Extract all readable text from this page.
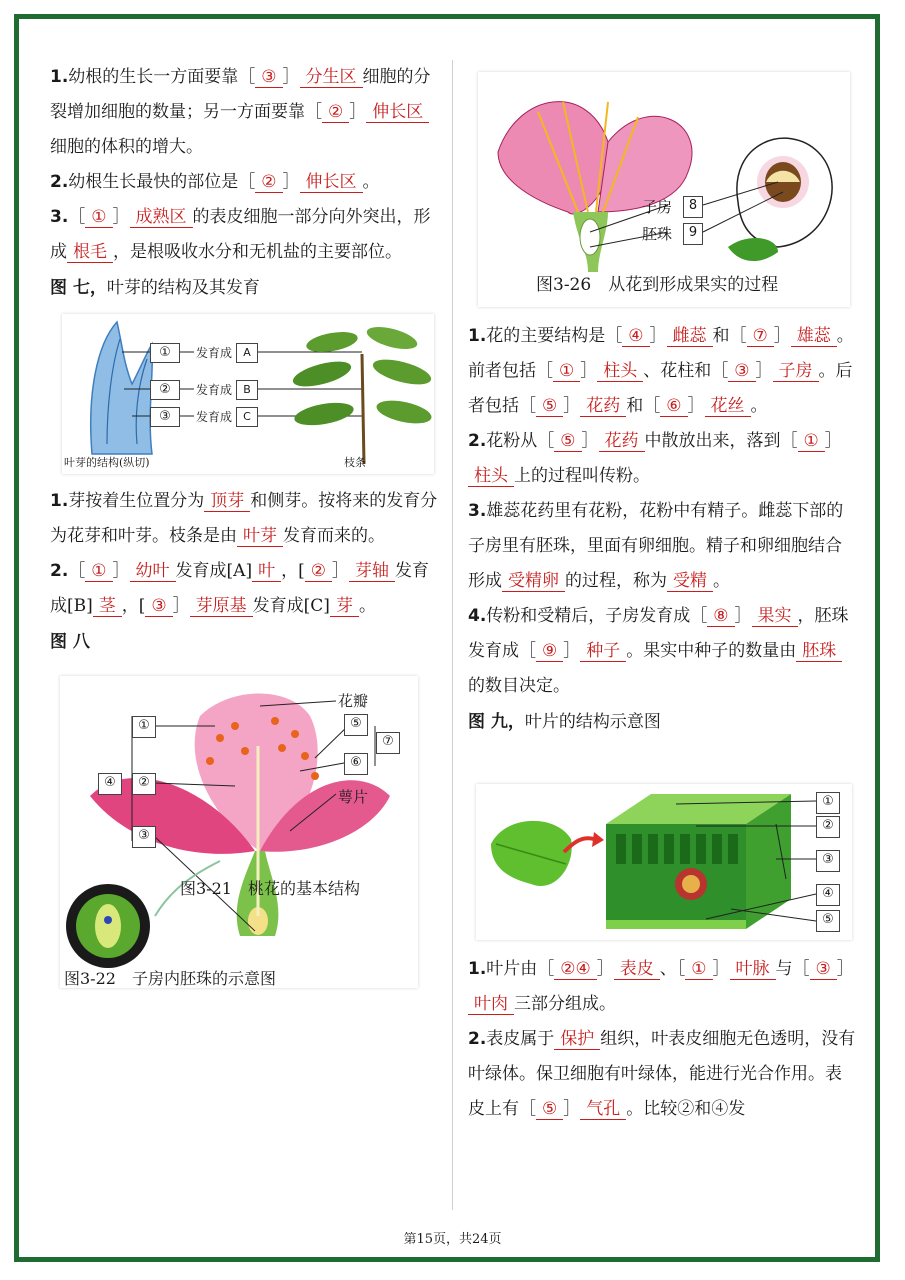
1.幼根的生长一方面要靠［ ③ ］ 分生区 细胞的分裂增加细胞的数量；另一方面要靠［ ② ］ 伸长区细胞的体积的增大。

2.幼根生长最快的部位是［ ② ］ 伸长区 。

3.［ ① ］ 成熟区 的表皮细胞一部分向外突出，形成 根毛 ，是根吸收水分和无机盐的主要部位。

图 七，叶芽的结构及其发育
①
②
③
发育成
发育成
发育成
A
B
C
叶芽的结构(纵切)	枝条

1.芽按着生位置分为 顶芽 和侧芽。按将来的发育分为花芽和叶芽。枝条是由 叶芽 发育而来的。

2.［ ① ］ 幼叶 发育成[A] 叶 ，[ ② ］ 芽轴 发育成[B] 茎 ，[ ③ ］ 芽原基 发育成[C] 芽 。

图 八
花瓣
萼片
①
②
③
④
⑤
⑥
⑦
图3-21　桃花的基本结构
图3-22　子房内胚珠的示意图
子房
胚珠
8
9
图3-26　从花到形成果实的过程

1.花的主要结构是［ ④ ］ 雌蕊 和［ ⑦ ］ 雄蕊 。前者包括［ ① ］ 柱头 、花柱和［ ③ ］ 子房 。后者包括［ ⑤ ］ 花药 和［ ⑥ ］ 花丝 。

2.花粉从［ ⑤ ］ 花药 中散放出来，落到［ ① ］柱头 上的过程叫传粉。

3.雄蕊花药里有花粉，花粉中有精子。雌蕊下部的子房里有胚珠，里面有卵细胞。精子和卵细胞结合形成 受精卵 的过程，称为 受精 。

4.传粉和受精后，子房发育成［ ⑧ ］ 果实 ，胚珠发育成［ ⑨ ］ 种子 。果实中种子的数量由 胚珠的数目决定。

图 九，叶片的结构示意图
①
②
③
④
⑤

1.叶片由［ ②④ ］ 表皮 、［ ① ］ 叶脉 与［ ③ ］叶肉 三部分组成。

2.表皮属于 保护 组织，叶表皮细胞无色透明，没有叶绿体。保卫细胞有叶绿体，能进行光合作用。表皮上有［ ⑤ ］ 气孔 。比较②和④发

第15页，共24页
